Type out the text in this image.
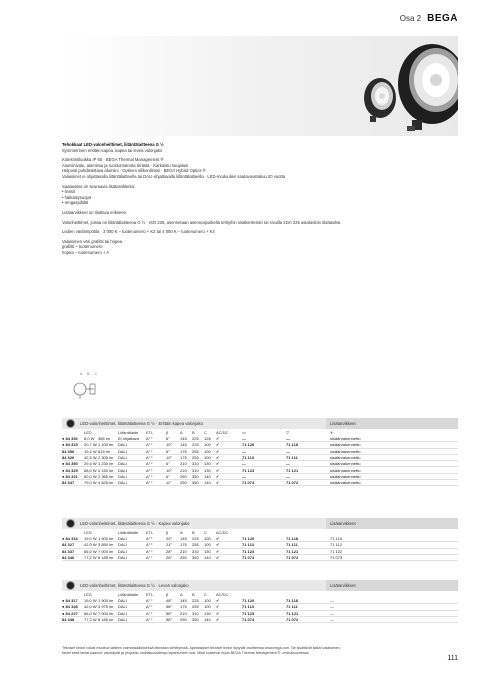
Osa 2 BEGA
Tehokkaat LED-valonheittimet, liitäntälaitteena G ½

Symmetrinen erittäin kapea, kapea tai leveä valonjako

Kotelointiluokka IP 65 · BEGA Thermal Management ®
Alumiinivalu, alumiinia ja ruostumatonta terästä · Karkaistu suojalasi
Helposti puhdistettava alumiini · Optinen silikonilinssi · BEGA Hybrid Optics ®
Valaisimet ei ohjattavalla liitäntälaitteella tai DALI-ohjattavalla liitäntälaitteella · LED-moduulien saatavuustakuu 20 vuotta

Saatavissa on seuraavia lisätarvikkeita:
• linssit
• häikäisysuojat
• rengaspiltilät

Lisätarvikkeet on tilattava erikseen.

Valonheittimet, joissa on liitäntälaitteena G ½ · ISO 228, asennetaan asennusputkella tehtyihin sisäkierteisiin tai sivuilla 22m-225 asiatiedoin tilattaviksi.

Ledien värilämpötila · 3 000 K – tuotenumero + K3 tai 4 000 K – tuotenumero + K4

Valaisimen väri grafiitti tai hopea
grafiitti – tuotenumero
hopea – tuotenumero + A

A B C
LED-valonheittimet, liitäntälaitteena G ½ · Erittäin kapea valonjako	Lisätarvikkeet
LED	Liitäntälaite	ETL	β	A	B	C	AC/DC	▭	▽	✳
● 84 330	8,0 W 385 lm	Ei ohjattava	A⁺⁺	6°	145	225	126	✔	—	—	sisäänrakennettu
● 84 315	20,7 W 1 100 lm	DALI	A⁺⁺	10°	145	225	100	✔	71 120	71 118	sisäänrakennettu
84 356	19,4 W 815 lm	DALI	A⁺⁺	6°	175	255	100	✔	—	—	sisäänrakennettu
84 326	42,5 W 2 305 lm	DALI	A⁺⁺	10°	175	255	100	✔	71 113	71 111	sisäänrakennettu
● 84 350	29,4 W 1 230 lm	DALI	A⁺⁺	6°	210	310	130	✔	—	—	sisäänrakennettu
● 84 325	68,0 W 4 150 lm	DALI	A⁺⁺	10°	210	310	130	✔	71 123	71 121	sisäänrakennettu
● 84 321	60,0 W 2 365 lm	DALI	A⁺⁺	6°	250	350	140	✔	—	—	sisäänrakennettu
84 347	79,0 W 4 825 lm	DALI	A⁺⁺	11°	250	350	140	✔	71 074	71 072	sisäänrakennettu
LED-valonheittimet, liitäntälaitteena G ½ · Kapea valonjako	Lisätarvikkeet
LED	Liitäntälaite	ETL	β	A	B	C	AC/DC
● 84 316	19,0 W 1 900 lm	DALI	A⁺⁺	20°	145	225	100	✔	71 120	71 118	71 119
84 327	42,0 W 3 850 lm	DALI	A⁺⁺	21°	175	255	100	✔	71 113	71 111	71 112
84 337	66,0 W 7 000 lm	DALI	A⁺⁺	28°	210	310	130	✔	71 123	71 121	71 122
84 346	77,2 W 8 185 lm	DALI	A⁺⁺	28°	250	350	140	✔	71 074	71 072	71 073
LED-valonheittimet, liitäntälaitteena G ½ · Leveä valonjako	Lisätarvikkeet
LED	Liitäntälaite	ETL	β	A	B	C	AC/DC
● 84 317	19,0 W 1 900 lm	DALI	A⁺⁺	48°	145	225	100	✔	71 120	71 118	—
● 84 328	42,0 W 3 975 lm	DALI	A⁺⁺	58°	175	255	100	✔	71 113	71 111	—
● 84 227	66,0 W 7 000 lm	DALI	A⁺⁺	58°	210	310	130	✔	71 123	71 121	—
84 348	77,2 W 8 185 lm	DALI	A⁺⁺	58°	250	350	140	✔	71 074	71 072	—
Tekniset tiedot voivat muuttua laitteen vaimeasäätöisessä tekniikan kehittyessä. Ajantasaiset tekniset tiedot löytyvät osoitteesta www.bega.com. Ne sisältävät kaikki valaisimen tiedot sekä tarkat kaaviot, valokäyrät ja projektio-ominaisuustietoja tapahtuneet ovat. Mitat koskevat myös BEGA Thermal Management ® -ominaisuudessa.
111
